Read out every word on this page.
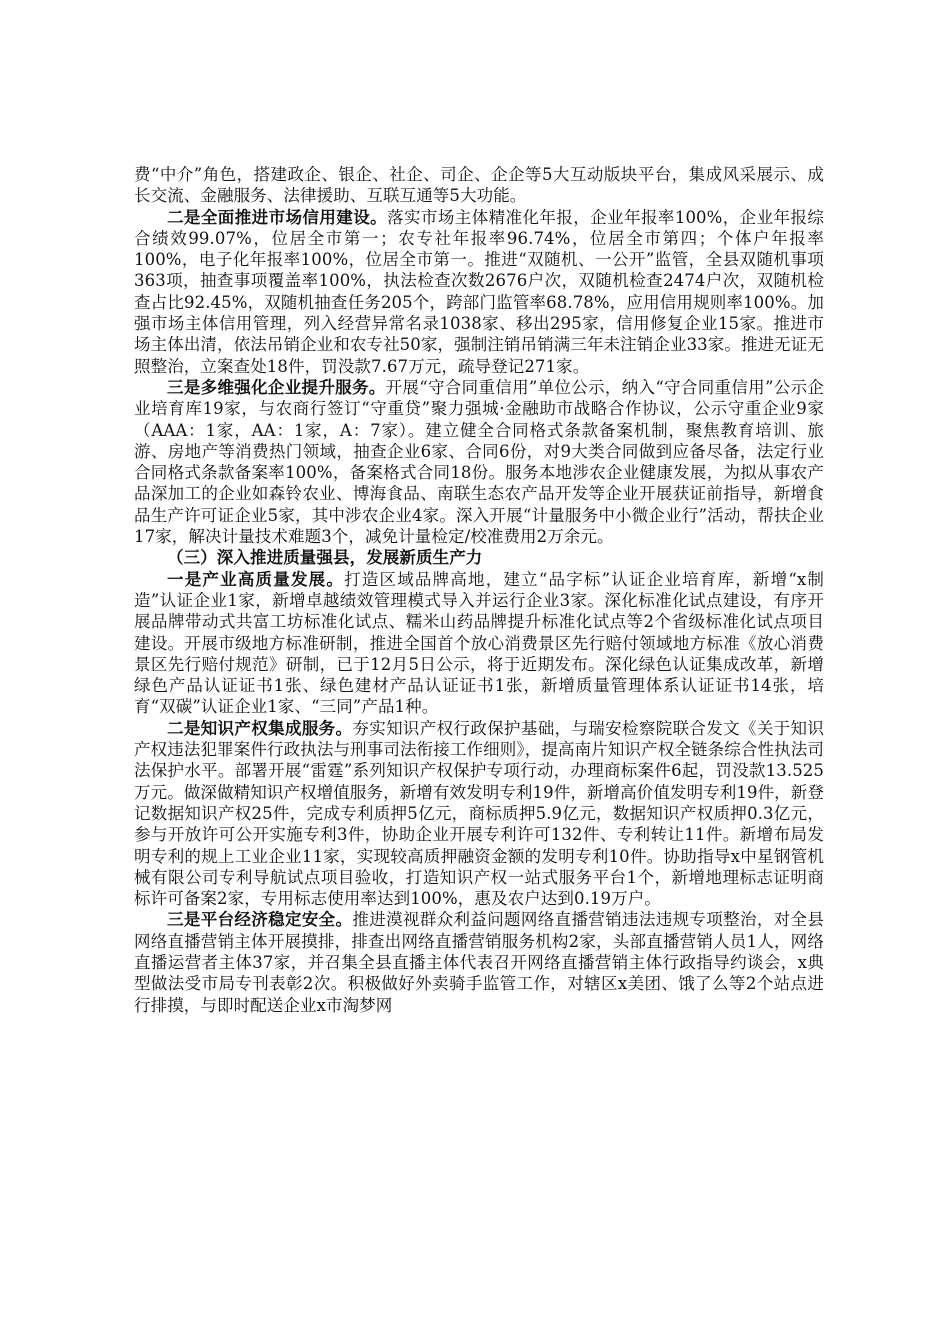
费“中介”角色，搭建政企、银企、社企、司企、企企等5大互动版块平台，集成风采展示、成长交流、金融服务、法律援助、互联互通等5大功能。

二是全面推进市场信用建设。落实市场主体精准化年报，企业年报率100%，企业年报综合绩效99.07%，位居全市第一；农专社年报率96.74%，位居全市第四；个体户年报率100%，电子化年报率100%，位居全市第一。推进“双随机、一公开”监管，全县双随机事项363项，抽查事项覆盖率100%，执法检查次数2676户次，双随机检查2474户次，双随机检查占比92.45%，双随机抽查任务205个，跨部门监管率68.78%，应用信用规则率100%。加强市场主体信用管理，列入经营异常名录1038家、移出295家，信用修复企业15家。推进市场主体出清，依法吊销企业和农专社50家，强制注销吊销满三年未注销企业33家。推进无证无照整治，立案查处18件，罚没款7.67万元，疏导登记271家。

三是多维强化企业提升服务。开展“守合同重信用”单位公示，纳入“守合同重信用”公示企业培育库19家，与农商行签订“守重贷”聚力强城·金融助市战略合作协议，公示守重企业9家（AAA：1家，AA：1家，A：7家）。建立健全合同格式条款备案机制，聚焦教育培训、旅游、房地产等消费热门领域，抽查企业6家、合同6份，对9大类合同做到应备尽备，法定行业合同格式条款备案率100%，备案格式合同18份。服务本地涉农企业健康发展，为拟从事农产品深加工的企业如森铃农业、博海食品、南联生态农产品开发等企业开展获证前指导，新增食品生产许可证企业5家，其中涉农企业4家。深入开展“计量服务中小微企业行”活动，帮扶企业17家，解决计量技术难题3个，减免计量检定/校准费用2万余元。

（三）深入推进质量强县，发展新质生产力

一是产业高质量发展。打造区域品牌高地，建立“品字标”认证企业培育库，新增“x制造”认证企业1家，新增卓越绩效管理模式导入并运行企业3家。深化标准化试点建设，有序开展品牌带动式共富工坊标准化试点、糯米山药品牌提升标准化试点等2个省级标准化试点项目建设。开展市级地方标准研制，推进全国首个放心消费景区先行赔付领域地方标准《放心消费景区先行赔付规范》研制，已于12月5日公示，将于近期发布。深化绿色认证集成改革，新增绿色产品认证证书1张、绿色建材产品认证证书1张，新增质量管理体系认证证书14张，培育“双碳”认证企业1家、“三同”产品1种。

二是知识产权集成服务。夯实知识产权行政保护基础，与瑞安检察院联合发文《关于知识产权违法犯罪案件行政执法与刑事司法衔接工作细则》，提高南片知识产权全链条综合性执法司法保护水平。部署开展“雷霆”系列知识产权保护专项行动，办理商标案件6起，罚没款13.525万元。做深做精知识产权增值服务，新增有效发明专利19件，新增高价值发明专利19件，新登记数据知识产权25件，完成专利质押5亿元，商标质押5.9亿元，数据知识产权质押0.3亿元，参与开放许可公开实施专利3件，协助企业开展专利许可132件、专利转让11件。新增布局发明专利的规上工业企业11家，实现较高质押融资金额的发明专利10件。协助指导x中星钢管机械有限公司专利导航试点项目验收，打造知识产权一站式服务平台1个，新增地理标志证明商标许可备案2家，专用标志使用率达到100%，惠及农户达到0.19万户。

三是平台经济稳定安全。推进漠视群众利益问题网络直播营销违法违规专项整治，对全县网络直播营销主体开展摸排，排查出网络直播营销服务机构2家，头部直播营销人员1人，网络直播运营者主体37家，并召集全县直播主体代表召开网络直播营销主体行政指导约谈会，x典型做法受市局专刊表彰2次。积极做好外卖骑手监管工作，对辖区x美团、饿了么等2个站点进行排摸，与即时配送企业x市淘梦网
